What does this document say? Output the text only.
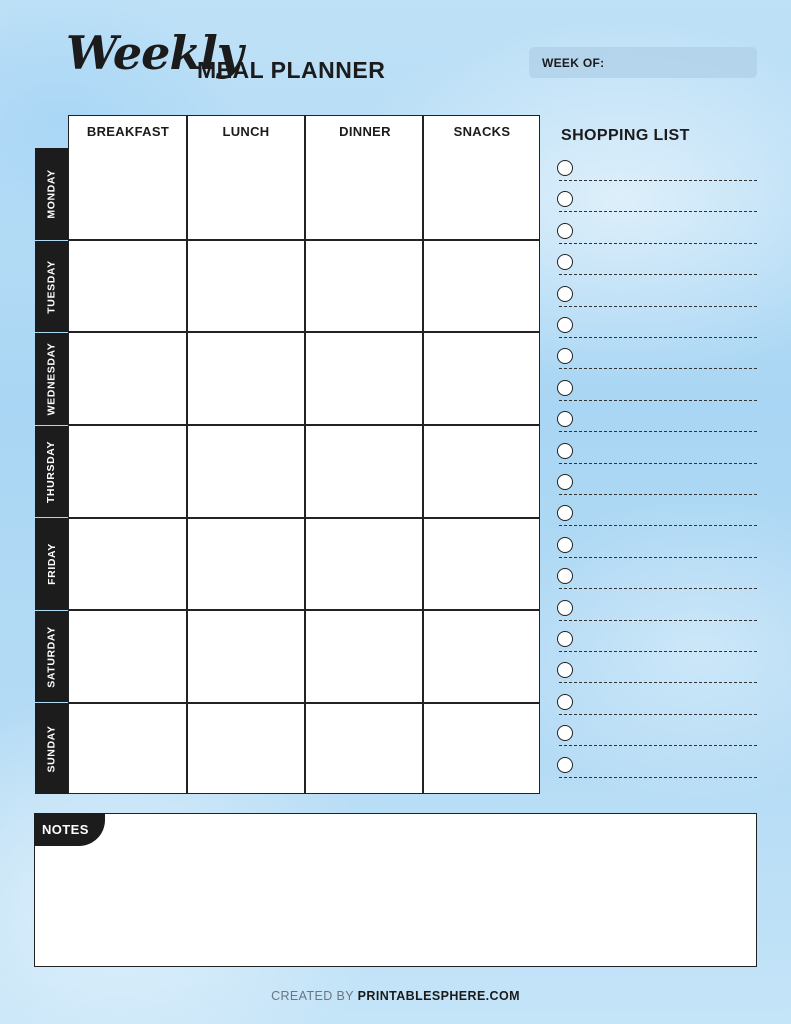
Weekly
MEAL PLANNER	WEEK OF:
BREAKFAST	LUNCH	DINNER	SNACKS
MONDAY
TUESDAY
WEDNESDAY
THURSDAY
FRIDAY
SATURDAY
SUNDAY
SHOPPING LIST
NOTES
CREATED BY PRINTABLESPHERE.COM
